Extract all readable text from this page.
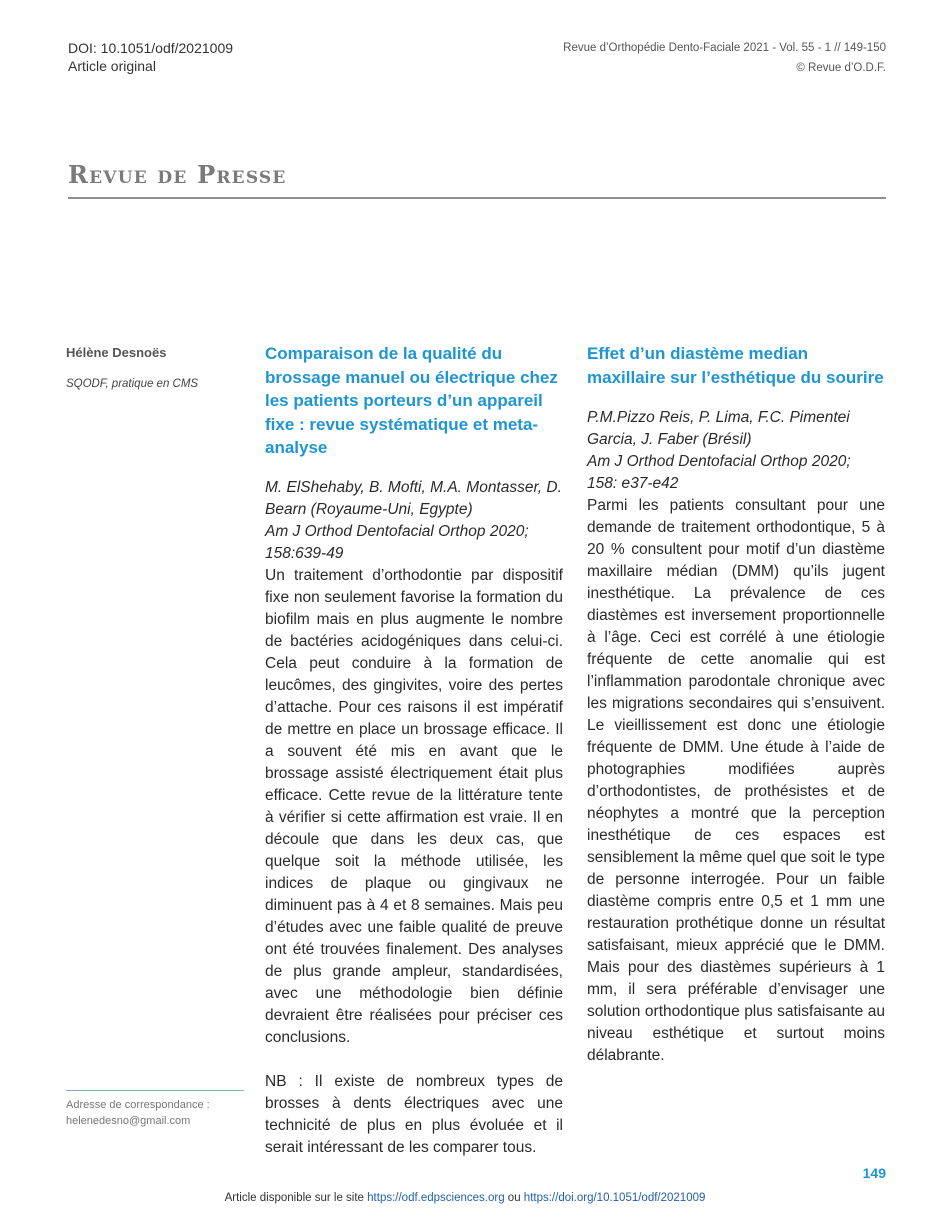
DOI: 10.1051/odf/2021009
Article original
Revue d’Orthopédie Dento-Faciale 2021 - Vol. 55 - 1 // 149-150
© Revue d’O.D.F.
Revue de Presse
Hélène Desnoës
SQODF, pratique en CMS
Adresse de correspondance :
helenedesno@gmail.com

Comparaison de la qualité du brossage manuel ou électrique chez les patients porteurs d’un appareil fixe : revue systématique et meta-analyse

M. ElShehaby, B. Mofti, M.A. Montasser, D. Bearn (Royaume-Uni, Egypte)

Am J Orthod Dentofacial Orthop 2020; 158:639-49

Un traitement d’orthodontie par dispositif fixe non seulement favorise la formation du biofilm mais en plus augmente le nombre de bactéries acidogéniques dans celui-ci. Cela peut conduire à la formation de leucômes, des gingivites, voire des pertes d’attache. Pour ces raisons il est impératif de mettre en place un brossage efficace. Il a souvent été mis en avant que le brossage assisté électriquement était plus efficace. Cette revue de la littérature tente à vérifier si cette affirmation est vraie. Il en découle que dans les deux cas, que quelque soit la méthode utilisée, les indices de plaque ou gingivaux ne diminuent pas à 4 et 8 semaines. Mais peu d’études avec une faible qualité de preuve ont été trouvées finalement. Des analyses de plus grande ampleur, standardisées, avec une méthodologie bien définie devraient être réalisées pour préciser ces conclusions.

NB : Il existe de nombreux types de brosses à dents électriques avec une technicité de plus en plus évoluée et il serait intéressant de les comparer tous.

Effet d’un diastème median maxillaire sur l’esthétique du sourire

P.M.Pizzo Reis, P. Lima, F.C. Pimentei Garcia, J. Faber (Brésil)

Am J Orthod Dentofacial Orthop 2020; 158: e37-e42

Parmi les patients consultant pour une demande de traitement orthodontique, 5 à 20 % consultent pour motif d’un diastème maxillaire médian (DMM) qu’ils jugent inesthétique. La prévalence de ces diastèmes est inversement proportionnelle à l’âge. Ceci est corrélé à une étiologie fréquente de cette anomalie qui est l’inflammation parodontale chronique avec les migrations secondaires qui s’ensuivent. Le vieillissement est donc une étiologie fréquente de DMM. Une étude à l’aide de photographies modifiées auprès d’orthodontistes, de prothésistes et de néophytes a montré que la perception inesthétique de ces espaces est sensiblement la même quel que soit le type de personne interrogée. Pour un faible diastème compris entre 0,5 et 1 mm une restauration prothétique donne un résultat satisfaisant, mieux apprécié que le DMM. Mais pour des diastèmes supérieurs à 1 mm, il sera préférable d’envisager une solution orthodontique plus satisfaisante au niveau esthétique et surtout moins délabrante.

149
Article disponible sur le site https://odf.edpsciences.org ou https://doi.org/10.1051/odf/2021009
